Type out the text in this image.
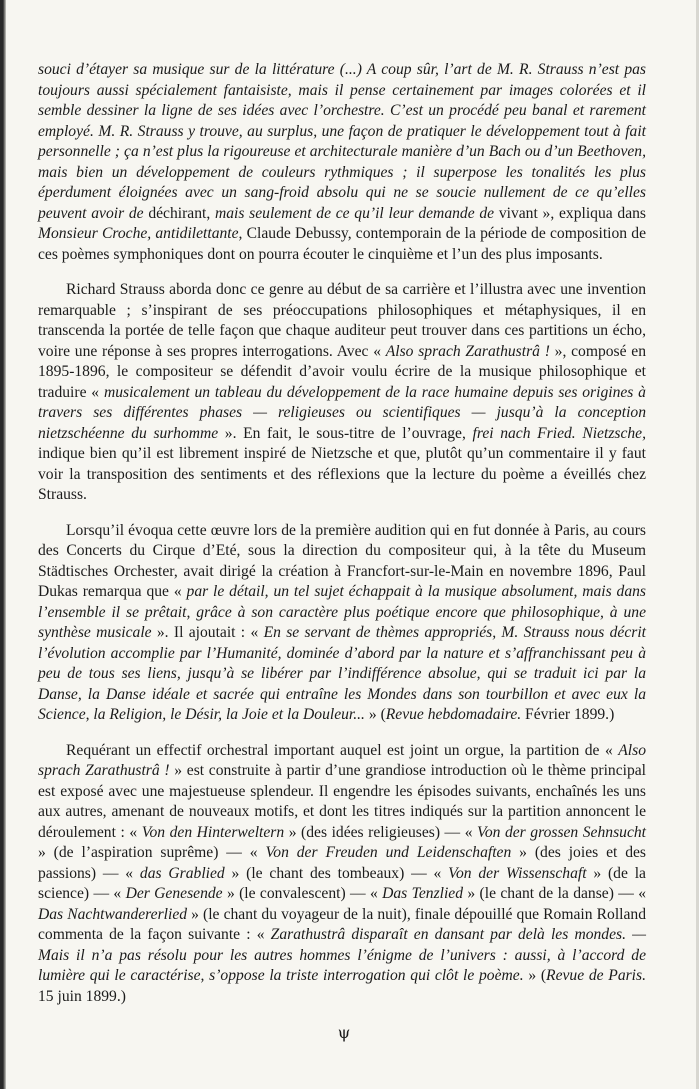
souci d’étayer sa musique sur de la littérature (...) A coup sûr, l’art de M. R. Strauss n’est pas toujours aussi spécialement fantaisiste, mais il pense certainement par images colorées et il semble dessiner la ligne de ses idées avec l’orchestre. C’est un procédé peu banal et rarement employé. M. R. Strauss y trouve, au surplus, une façon de pratiquer le développement tout à fait personnelle ; ça n’est plus la rigoureuse et architecturale manière d’un Bach ou d’un Beethoven, mais bien un développement de couleurs rythmiques ; il superpose les tonalités les plus éperdument éloignées avec un sang-froid absolu qui ne se soucie nullement de ce qu’elles peuvent avoir de déchirant, mais seulement de ce qu’il leur demande de vivant », expliqua dans Monsieur Croche, antidilettante, Claude Debussy, contemporain de la période de composition de ces poèmes symphoniques dont on pourra écouter le cinquième et l’un des plus imposants.

Richard Strauss aborda donc ce genre au début de sa carrière et l’illustra avec une invention remarquable ; s’inspirant de ses préoccupations philosophiques et métaphysiques, il en transcenda la portée de telle façon que chaque auditeur peut trouver dans ces partitions un écho, voire une réponse à ses propres interrogations. Avec « Also sprach Zarathustrâ ! », composé en 1895-1896, le compositeur se défendit d’avoir voulu écrire de la musique philosophique et traduire « musicalement un tableau du développement de la race humaine depuis ses origines à travers ses différentes phases — religieuses ou scientifiques — jusqu’à la conception nietzschéenne du surhomme ». En fait, le sous-titre de l’ouvrage, frei nach Fried. Nietzsche, indique bien qu’il est librement inspiré de Nietzsche et que, plutôt qu’un commentaire il y faut voir la transposition des sentiments et des réflexions que la lecture du poème a éveillés chez Strauss.

Lorsqu’il évoqua cette œuvre lors de la première audition qui en fut donnée à Paris, au cours des Concerts du Cirque d’Eté, sous la direction du compositeur qui, à la tête du Museum Städtisches Orchester, avait dirigé la création à Francfort-sur-le-Main en novembre 1896, Paul Dukas remarqua que « par le détail, un tel sujet échappait à la musique absolument, mais dans l’ensemble il se prêtait, grâce à son caractère plus poétique encore que philosophique, à une synthèse musicale ». Il ajoutait : « En se servant de thèmes appropriés, M. Strauss nous décrit l’évolution accomplie par l’Humanité, dominée d’abord par la nature et s’affranchissant peu à peu de tous ses liens, jusqu’à se libérer par l’indifférence absolue, qui se traduit ici par la Danse, la Danse idéale et sacrée qui entraîne les Mondes dans son tourbillon et avec eux la Science, la Religion, le Désir, la Joie et la Douleur... » (Revue hebdomadaire. Février 1899.)

Requérant un effectif orchestral important auquel est joint un orgue, la partition de « Also sprach Zarathustrâ ! » est construite à partir d’une grandiose introduction où le thème principal est exposé avec une majestueuse splendeur. Il engendre les épisodes suivants, enchaînés les uns aux autres, amenant de nouveaux motifs, et dont les titres indiqués sur la partition annoncent le déroulement : « Von den Hinterweltern » (des idées religieuses) — « Von der grossen Sehnsucht » (de l’aspiration suprême) — « Von der Freuden und Leidenschaften » (des joies et des passions) — « das Grablied » (le chant des tombeaux) — « Von der Wissenschaft » (de la science) — « Der Genesende » (le convalescent) — « Das Tenzlied » (le chant de la danse) — « Das Nachtwandererlied » (le chant du voyageur de la nuit), finale dépouillé que Romain Rolland commenta de la façon suivante : « Zarathustrâ disparaît en dansant par delà les mondes. — Mais il n’a pas résolu pour les autres hommes l’énigme de l’univers : aussi, à l’accord de lumière qui le caractérise, s’oppose la triste interrogation qui clôt le poème. » (Revue de Paris. 15 juin 1899.)

ψ
